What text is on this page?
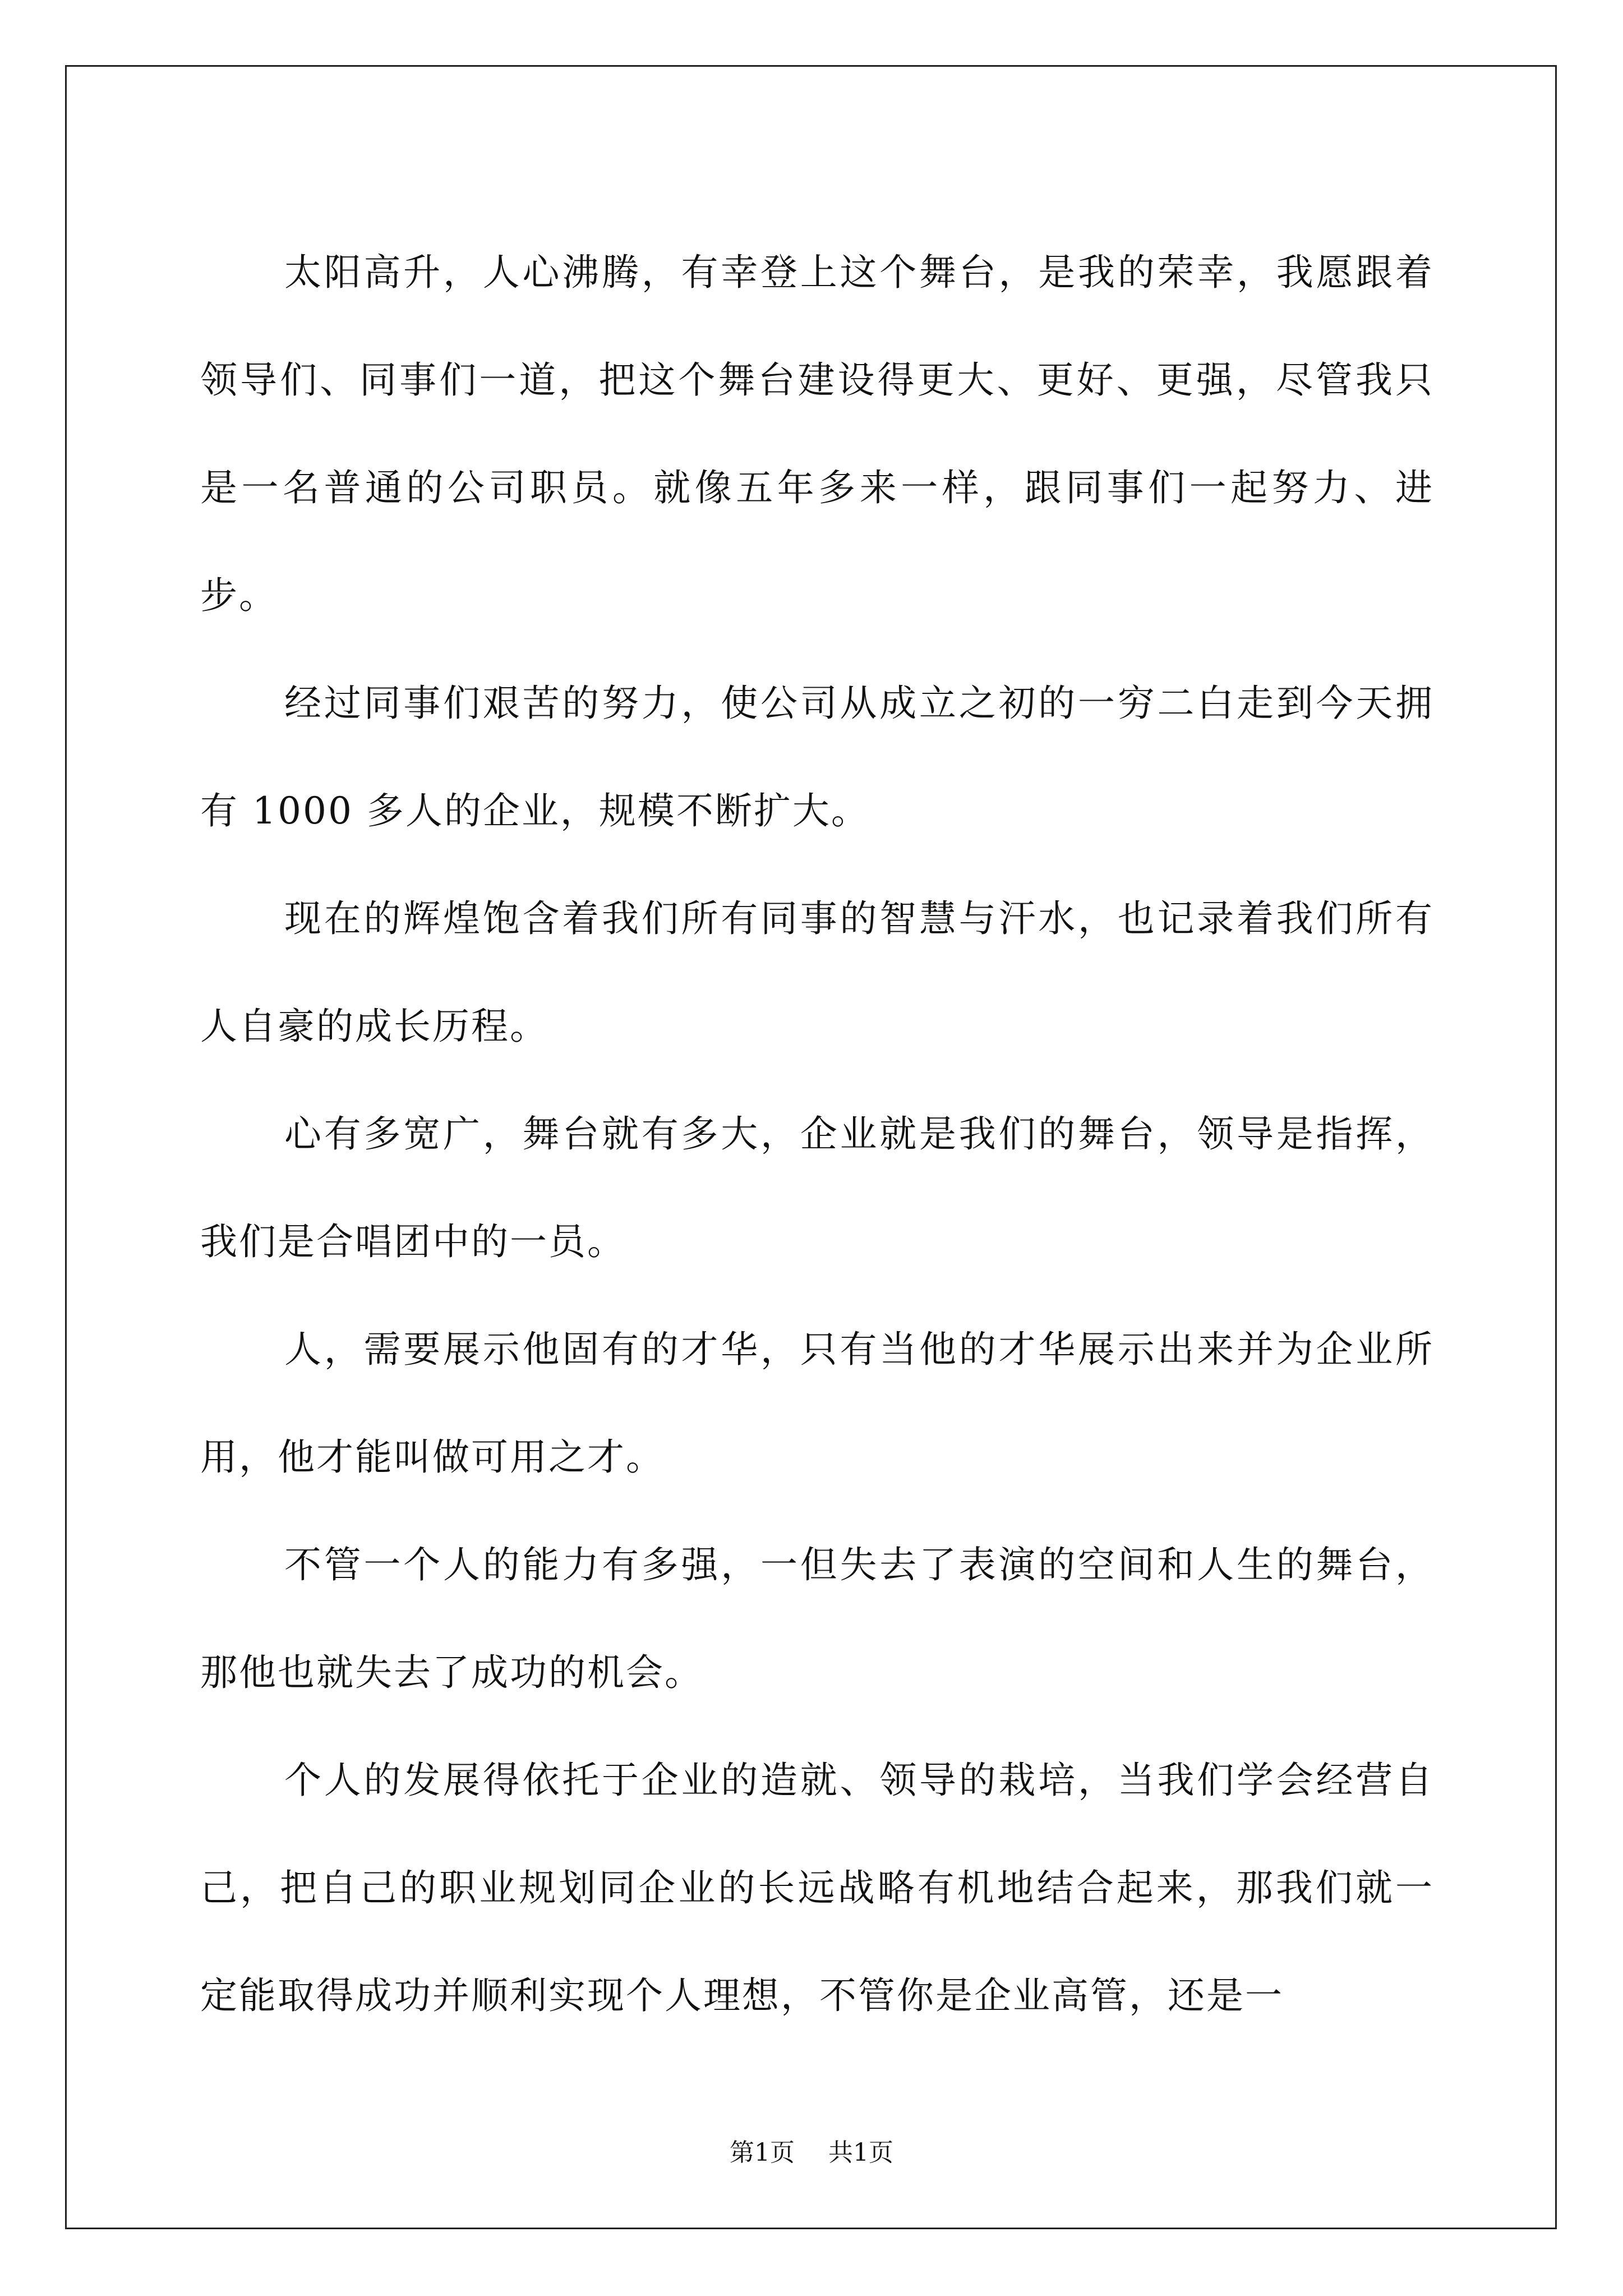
太阳高升，人心沸腾，有幸登上这个舞台，是我的荣幸，我愿跟着领导们、同事们一道，把这个舞台建设得更大、更好、更强，尽管我只是一名普通的公司职员。就像五年多来一样，跟同事们一起努力、进步。

经过同事们艰苦的努力，使公司从成立之初的一穷二白走到今天拥有 1000 多人的企业，规模不断扩大。

现在的辉煌饱含着我们所有同事的智慧与汗水，也记录着我们所有人自豪的成长历程。

心有多宽广，舞台就有多大，企业就是我们的舞台，领导是指挥，我们是合唱团中的一员。

人，需要展示他固有的才华，只有当他的才华展示出来并为企业所用，他才能叫做可用之才。

不管一个人的能力有多强，一但失去了表演的空间和人生的舞台，那他也就失去了成功的机会。

个人的发展得依托于企业的造就、领导的栽培，当我们学会经营自己，把自己的职业规划同企业的长远战略有机地结合起来，那我们就一定能取得成功并顺利实现个人理想，不管你是企业高管，还是一

第1页 共1页
